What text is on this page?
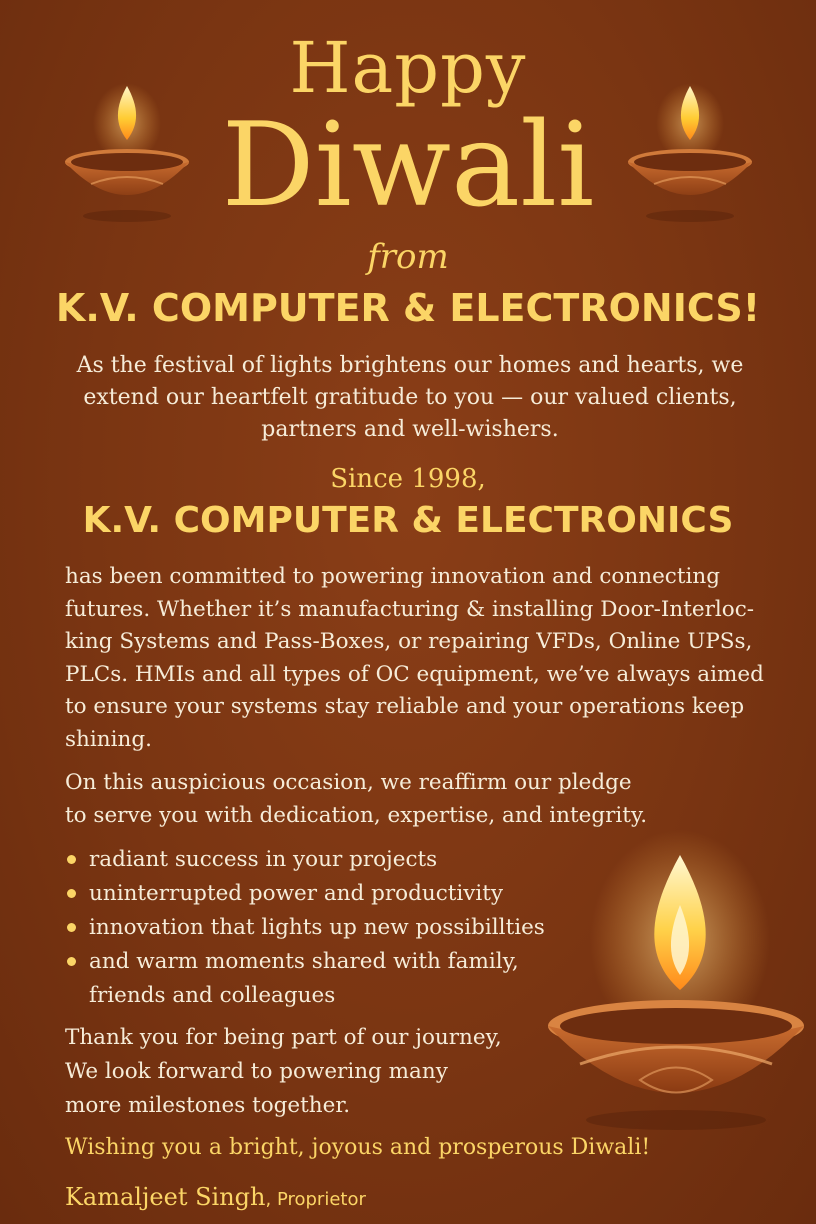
Happy
Diwali
from
K.V. COMPUTER & ELECTRONICS!
As the festival of lights brightens our homes and hearts, we
extend our heartfelt gratitude to you — our valued clients,
partners and well-wishers.
Since 1998,
K.V. COMPUTER & ELECTRONICS
has been committed to powering innovation and connecting
futures. Whether it’s manufacturing & installing Door-Interloc-
king Systems and Pass-Boxes, or repairing VFDs, Online UPSs,
PLCs. HMIs and all types of OC equipment, we’ve always aimed
to ensure your systems stay reliable and your operations keep
shining.
On this auspicious occasion, we reaffirm our pledge
to serve you with dedication, expertise, and integrity.
radiant success in your projects
uninterrupted power and productivity
innovation that lights up new possibillties
and warm moments shared with family,
friends and colleagues
Thank you for being part of our journey,
We look forward to powering many
more milestones together.
Wishing you a bright, joyous and prosperous Diwali!
Kamaljeet Singh, Proprietor
